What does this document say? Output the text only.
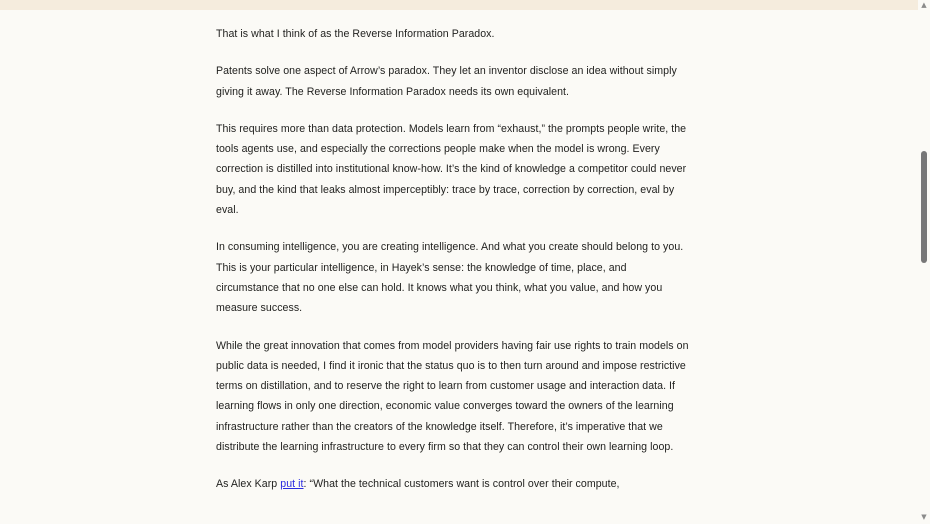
That is what I think of as the Reverse Information Paradox.

Patents solve one aspect of Arrow’s paradox. They let an inventor disclose an idea without simply giving it away. The Reverse Information Paradox needs its own equivalent.

This requires more than data protection. Models learn from “exhaust,” the prompts people write, the tools agents use, and especially the corrections people make when the model is wrong. Every correction is distilled into institutional know-how. It’s the kind of knowledge a competitor could never buy, and the kind that leaks almost imperceptibly: trace by trace, correction by correction, eval by eval.

In consuming intelligence, you are creating intelligence. And what you create should belong to you. This is your particular intelligence, in Hayek’s sense: the knowledge of time, place, and circumstance that no one else can hold. It knows what you think, what you value, and how you measure success.

While the great innovation that comes from model providers having fair use rights to train models on public data is needed, I find it ironic that the status quo is to then turn around and impose restrictive terms on distillation, and to reserve the right to learn from customer usage and interaction data. If learning flows in only one direction, economic value converges toward the owners of the learning infrastructure rather than the creators of the knowledge itself. Therefore, it’s imperative that we distribute the learning infrastructure to every firm so that they can control their own learning loop.

As Alex Karp put it: “What the technical customers want is control over their compute,

▲
▼
